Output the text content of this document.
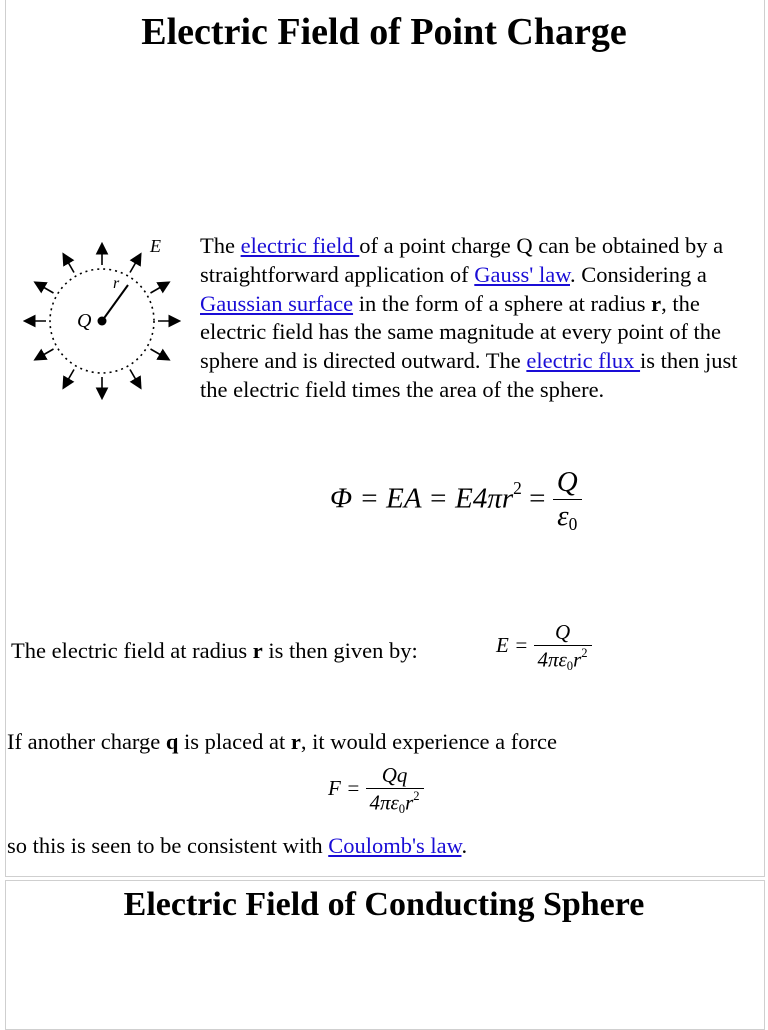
Electric Field of Point Charge
Q
r
E The electric field of a point charge Q can be obtained by a straightforward application of Gauss' law. Considering a Gaussian surface in the form of a sphere at radius r, the electric field has the same magnitude at every point of the sphere and is directed outward. The electric flux is then just the electric field times the area of the sphere.
Φ = EA = $E4\pi r^2 = \frac{Q}{\varepsilon_0}$
The electric field at radius r is then given by:	$E = \frac{Q}{4\pi\varepsilon_0r^2}$
If another charge q is placed at r, it would experience a force
$F = \frac{Qq}{4\pi\varepsilon_0r^2}$
so this is seen to be consistent with Coulomb's law.
Electric Field of Conducting Sphere
